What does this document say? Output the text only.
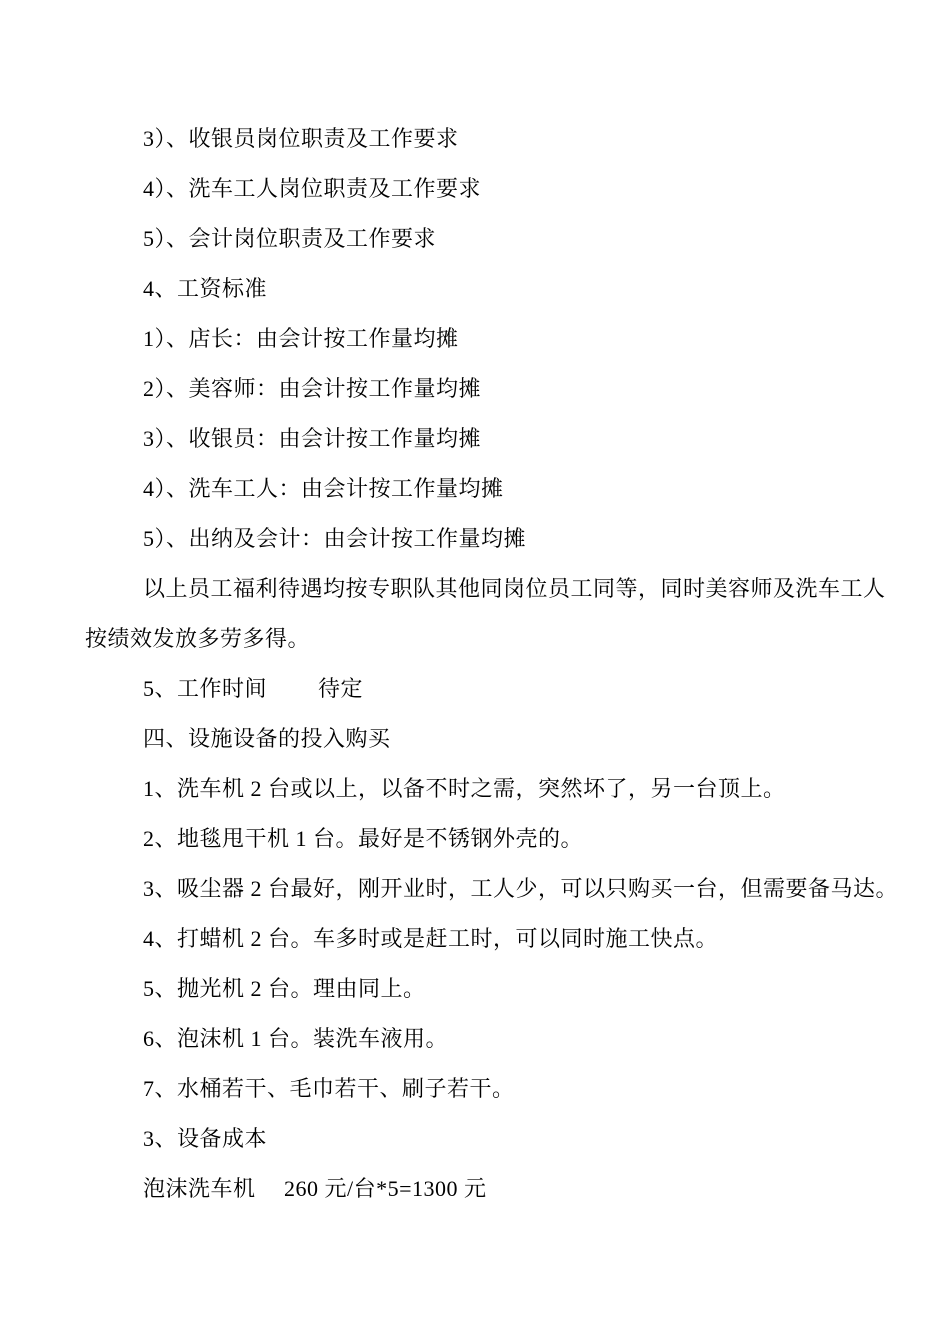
3）、收银员岗位职责及工作要求
4）、洗车工人岗位职责及工作要求
5）、会计岗位职责及工作要求
4、工资标准
1）、店长：由会计按工作量均摊
2）、美容师：由会计按工作量均摊
3）、收银员：由会计按工作量均摊
4）、洗车工人：由会计按工作量均摊
5）、出纳及会计：由会计按工作量均摊
以上员工福利待遇均按专职队其他同岗位员工同等，同时美容师及洗车工人
按绩效发放多劳多得。
5、工作时间　　 待定
四、设施设备的投入购买
1、洗车机 2 台或以上，以备不时之需，突然坏了，另一台顶上。
2、地毯甩干机 1 台。最好是不锈钢外壳的。
3、吸尘器 2 台最好，刚开业时，工人少，可以只购买一台，但需要备马达。
4、打蜡机 2 台。车多时或是赶工时，可以同时施工快点。
5、抛光机 2 台。理由同上。
6、泡沫机 1 台。装洗车液用。
7、水桶若干、毛巾若干、刷子若干。
3、设备成本
泡沫洗车机　 260 元/台*5=1300 元
